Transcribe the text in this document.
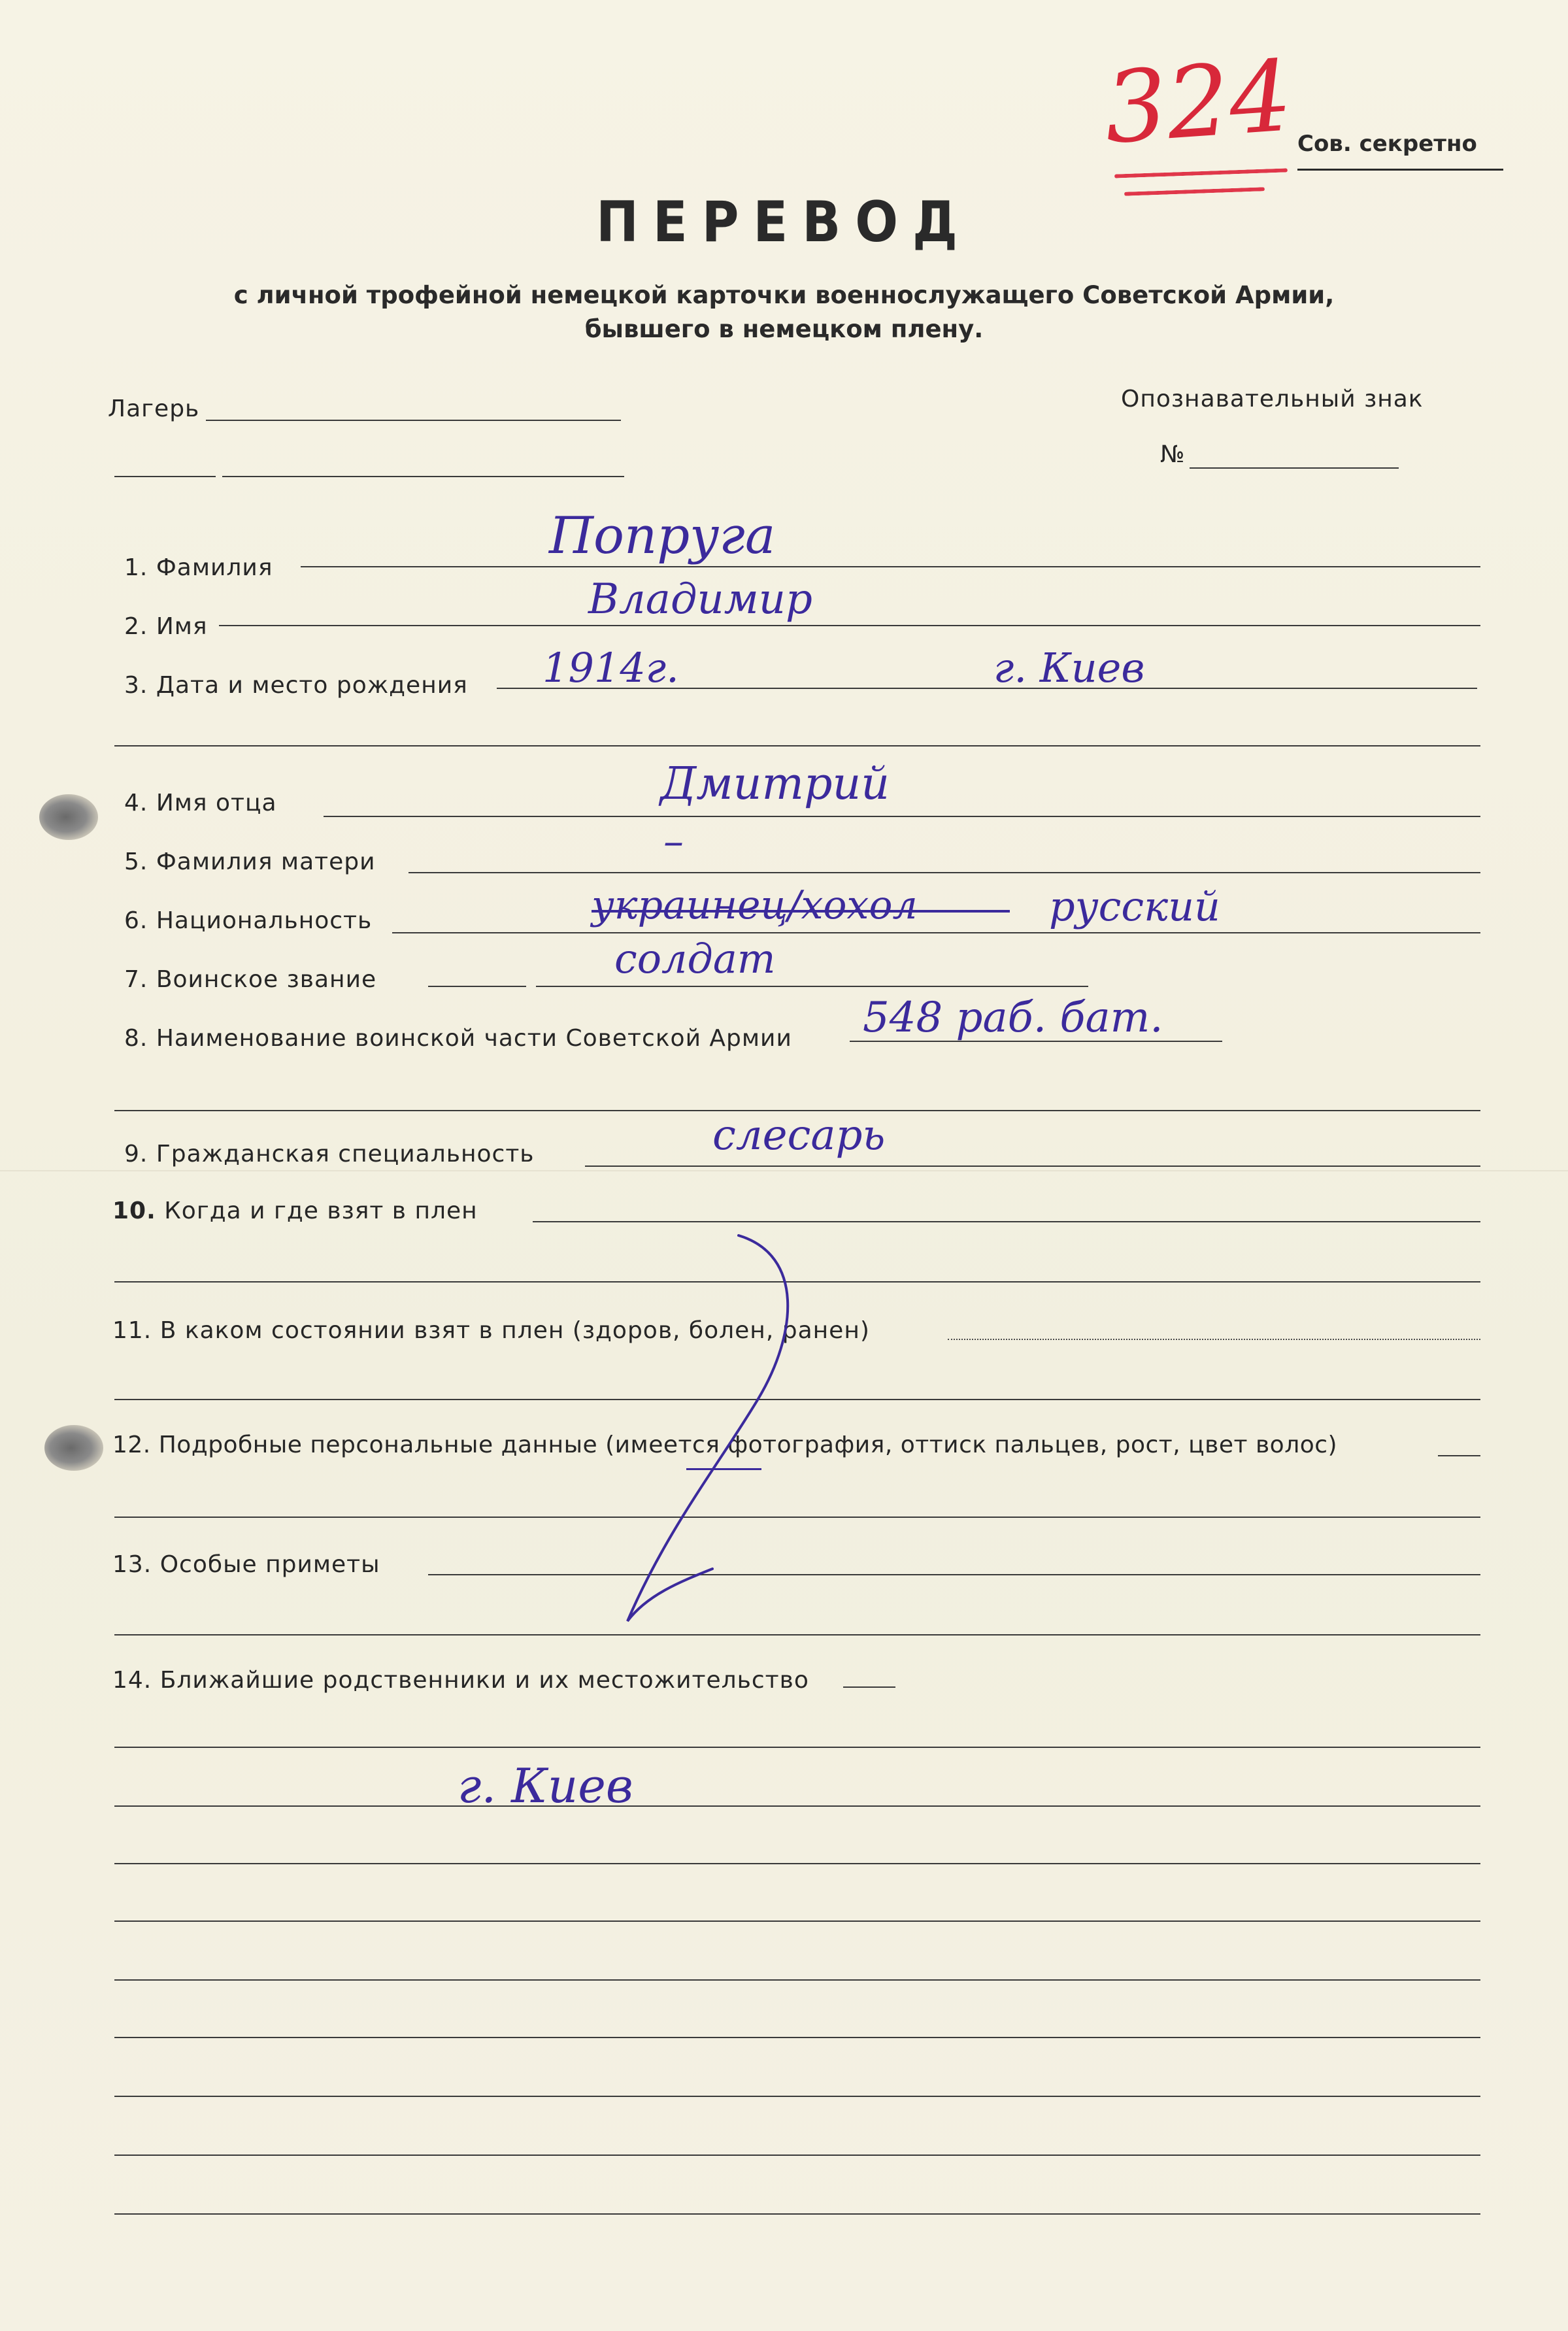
324 Сов. секретно
ПЕРЕВОД
с личной трофейной немецкой карточки военнослужащего Советской Армии,
бывшего в немецком плену.
Лагерь	Опознавательный знак
№
1. Фамилия
Попруга
2. Имя
Владимир
3. Дата и место рождения 1914г.	г. Киев
4. Имя отца	Дмитрий
5. Фамилия матери	–
6. Национальность	украинец/хохол	русский
7. Воинское звание	солдат
8. Наименование воинской части Советской Армии 548 раб. бат.
9. Гражданская специальность	слесарь
10. Когда и где взят в плен
11. В каком состоянии взят в плен (здоров, болен, ранен)
12. Подробные персональные данные (имеется фотография, оттиск пальцев, рост, цвет волос)
13. Особые приметы
14. Ближайшие родственники и их местожительство
г. Киев
